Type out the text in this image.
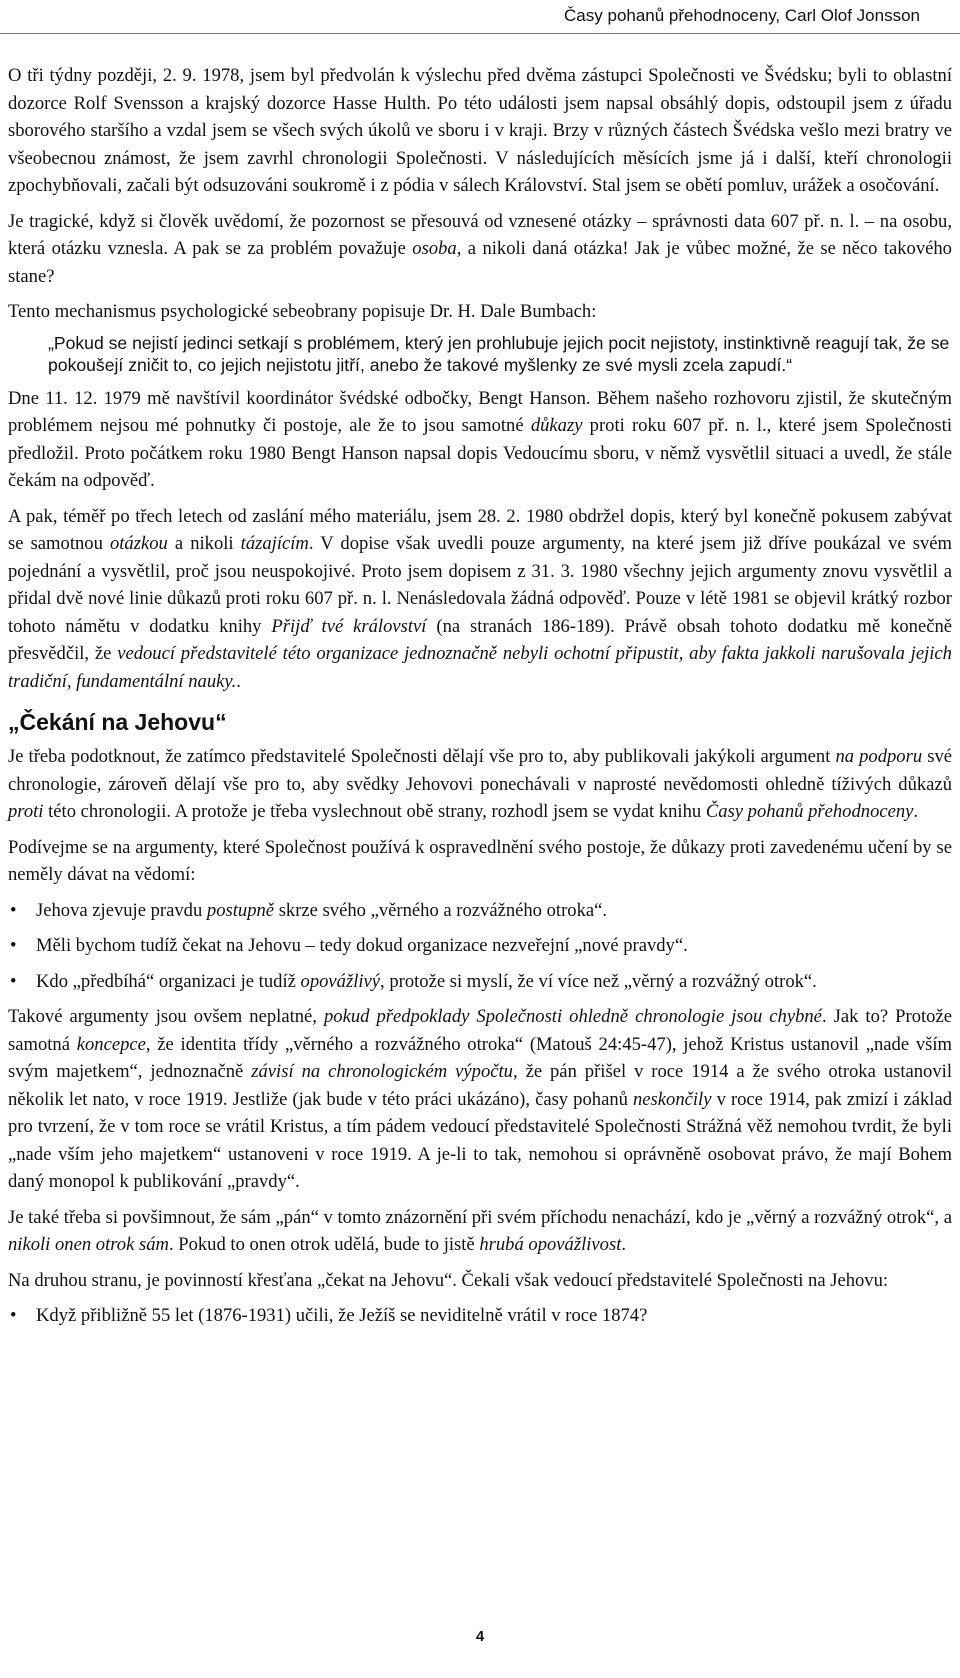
Časy pohanů přehodnoceny, Carl Olof Jonsson

O tři týdny později, 2. 9. 1978, jsem byl předvolán k výslechu před dvěma zástupci Společnosti ve Švédsku; byli to oblastní dozorce Rolf Svensson a krajský dozorce Hasse Hulth. Po této události jsem napsal obsáhlý dopis, odstoupil jsem z úřadu sborového staršího a vzdal jsem se všech svých úkolů ve sboru i v kraji. Brzy v různých částech Švédska vešlo mezi bratry ve všeobecnou známost, že jsem zavrhl chronologii Společnosti. V následujících měsících jsme já i další, kteří chronologii zpochybňovali, začali být odsuzováni soukromě i z pódia v sálech Království. Stal jsem se obětí pomluv, urážek a osočování.

Je tragické, když si člověk uvědomí, že pozornost se přesouvá od vznesené otázky – správnosti data 607 př. n. l. – na osobu, která otázku vznesla. A pak se za problém považuje osoba, a nikoli daná otázka! Jak je vůbec možné, že se něco takového stane?

Tento mechanismus psychologické sebeobrany popisuje Dr. H. Dale Bumbach:

„Pokud se nejistí jedinci setkají s problémem, který jen prohlubuje jejich pocit nejistoty, instinktivně reagují tak, že se pokoušejí zničit to, co jejich nejistotu jitří, anebo že takové myšlenky ze své mysli zcela zapudí.“

Dne 11. 12. 1979 mě navštívil koordinátor švédské odbočky, Bengt Hanson. Během našeho rozhovoru zjistil, že skutečným problémem nejsou mé pohnutky či postoje, ale že to jsou samotné důkazy proti roku 607 př. n. l., které jsem Společnosti předložil. Proto počátkem roku 1980 Bengt Hanson napsal dopis Vedoucímu sboru, v němž vysvětlil situaci a uvedl, že stále čekám na odpověď.

A pak, téměř po třech letech od zaslání mého materiálu, jsem 28. 2. 1980 obdržel dopis, který byl konečně pokusem zabývat se samotnou otázkou a nikoli tázajícím. V dopise však uvedli pouze argumenty, na které jsem již dříve poukázal ve svém pojednání a vysvětlil, proč jsou neuspokojivé. Proto jsem dopisem z 31. 3. 1980 všechny jejich argumenty znovu vysvětlil a přidal dvě nové linie důkazů proti roku 607 př. n. l. Nenásledovala žádná odpověď. Pouze v létě 1981 se objevil krátký rozbor tohoto námětu v dodatku knihy Přijď tvé království (na stranách 186-189). Právě obsah tohoto dodatku mě konečně přesvědčil, že vedoucí představitelé této organizace jednoznačně nebyli ochotní připustit, aby fakta jakkoli narušovala jejich tradiční, fundamentální nauky..

„Čekání na Jehovu“

Je třeba podotknout, že zatímco představitelé Společnosti dělají vše pro to, aby publikovali jakýkoli argument na podporu své chronologie, zároveň dělají vše pro to, aby svědky Jehovovi ponechávali v naprosté nevědomosti ohledně tíživých důkazů proti této chronologii. A protože je třeba vyslechnout obě strany, rozhodl jsem se vydat knihu Časy pohanů přehodnoceny.

Podívejme se na argumenty, které Společnost používá k ospravedlnění svého postoje, že důkazy proti zavedenému učení by se neměly dávat na vědomí:

• Jehova zjevuje pravdu postupně skrze svého „věrného a rozvážného otroka“.
• Měli bychom tudíž čekat na Jehovu – tedy dokud organizace nezveřejní „nové pravdy“.
• Kdo „předbíhá“ organizaci je tudíž opovážlivý, protože si myslí, že ví více než „věrný a rozvážný otrok“.

Takové argumenty jsou ovšem neplatné, pokud předpoklady Společnosti ohledně chronologie jsou chybné. Jak to? Protože samotná koncepce, že identita třídy „věrného a rozvážného otroka“ (Matouš 24:45-47), jehož Kristus ustanovil „nade vším svým majetkem“, jednoznačně závisí na chronologickém výpočtu, že pán přišel v roce 1914 a že svého otroka ustanovil několik let nato, v roce 1919. Jestliže (jak bude v této práci ukázáno), časy pohanů neskončily v roce 1914, pak zmizí i základ pro tvrzení, že v tom roce se vrátil Kristus, a tím pádem vedoucí představitelé Společnosti Strážná věž nemohou tvrdit, že byli „nade vším jeho majetkem“ ustanoveni v roce 1919. A je-li to tak, nemohou si oprávněně osobovat právo, že mají Bohem daný monopol k publikování „pravdy“.

Je také třeba si povšimnout, že sám „pán“ v tomto znázornění při svém příchodu nenachází, kdo je „věrný a rozvážný otrok“, a nikoli onen otrok sám. Pokud to onen otrok udělá, bude to jistě hrubá opovážlivost.

Na druhou stranu, je povinností křesťana „čekat na Jehovu“. Čekali však vedoucí představitelé Společnosti na Jehovu:

• Když přibližně 55 let (1876-1931) učili, že Ježíš se neviditelně vrátil v roce 1874?
4
